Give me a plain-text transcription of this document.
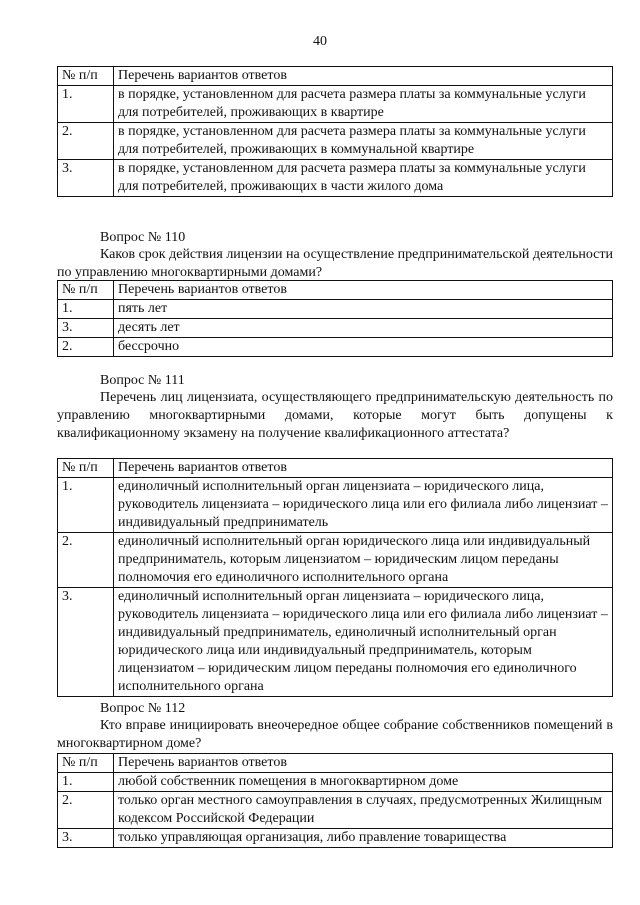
40
№ п/п	Перечень вариантов ответов
1.	в порядке, установленном для расчета размера платы за коммунальные услуги для потребителей, проживающих в квартире
2.	в порядке, установленном для расчета размера платы за коммунальные услуги для потребителей, проживающих в коммунальной квартире
3.	в порядке, установленном для расчета размера платы за коммунальные услуги для потребителей, проживающих в части жилого дома
Вопрос № 110
Каков срок действия лицензии на осуществление предпринимательской деятельности по управлению многоквартирными домами?
№ п/п	Перечень вариантов ответов
1.	пять лет
3.	десять лет
2.	бессрочно
Вопрос № 111
Перечень лиц лицензиата, осуществляющего предпринимательскую деятельность по управлению многоквартирными домами, которые могут быть допущены к квалификационному экзамену на получение квалификационного аттестата?
№ п/п	Перечень вариантов ответов
1.	единоличный исполнительный орган лицензиата – юридического лица, руководитель лицензиата – юридического лица или его филиала либо лицензиат – индивидуальный предприниматель
2.	единоличный исполнительный орган юридического лица или индивидуальный предприниматель, которым лицензиатом – юридическим лицом переданы полномочия его единоличного исполнительного органа
3.	единоличный исполнительный орган лицензиата – юридического лица, руководитель лицензиата – юридического лица или его филиала либо лицензиат – индивидуальный предприниматель, единоличный исполнительный орган юридического лица или индивидуальный предприниматель, которым лицензиатом – юридическим лицом переданы полномочия его единоличного исполнительного органа
Вопрос № 112
Кто вправе инициировать внеочередное общее собрание собственников помещений в многоквартирном доме?
№ п/п	Перечень вариантов ответов
1.	любой собственник помещения в многоквартирном доме
2.	только орган местного самоуправления в случаях, предусмотренных Жилищным кодексом Российской Федерации
3.	только управляющая организация, либо правление товарищества
